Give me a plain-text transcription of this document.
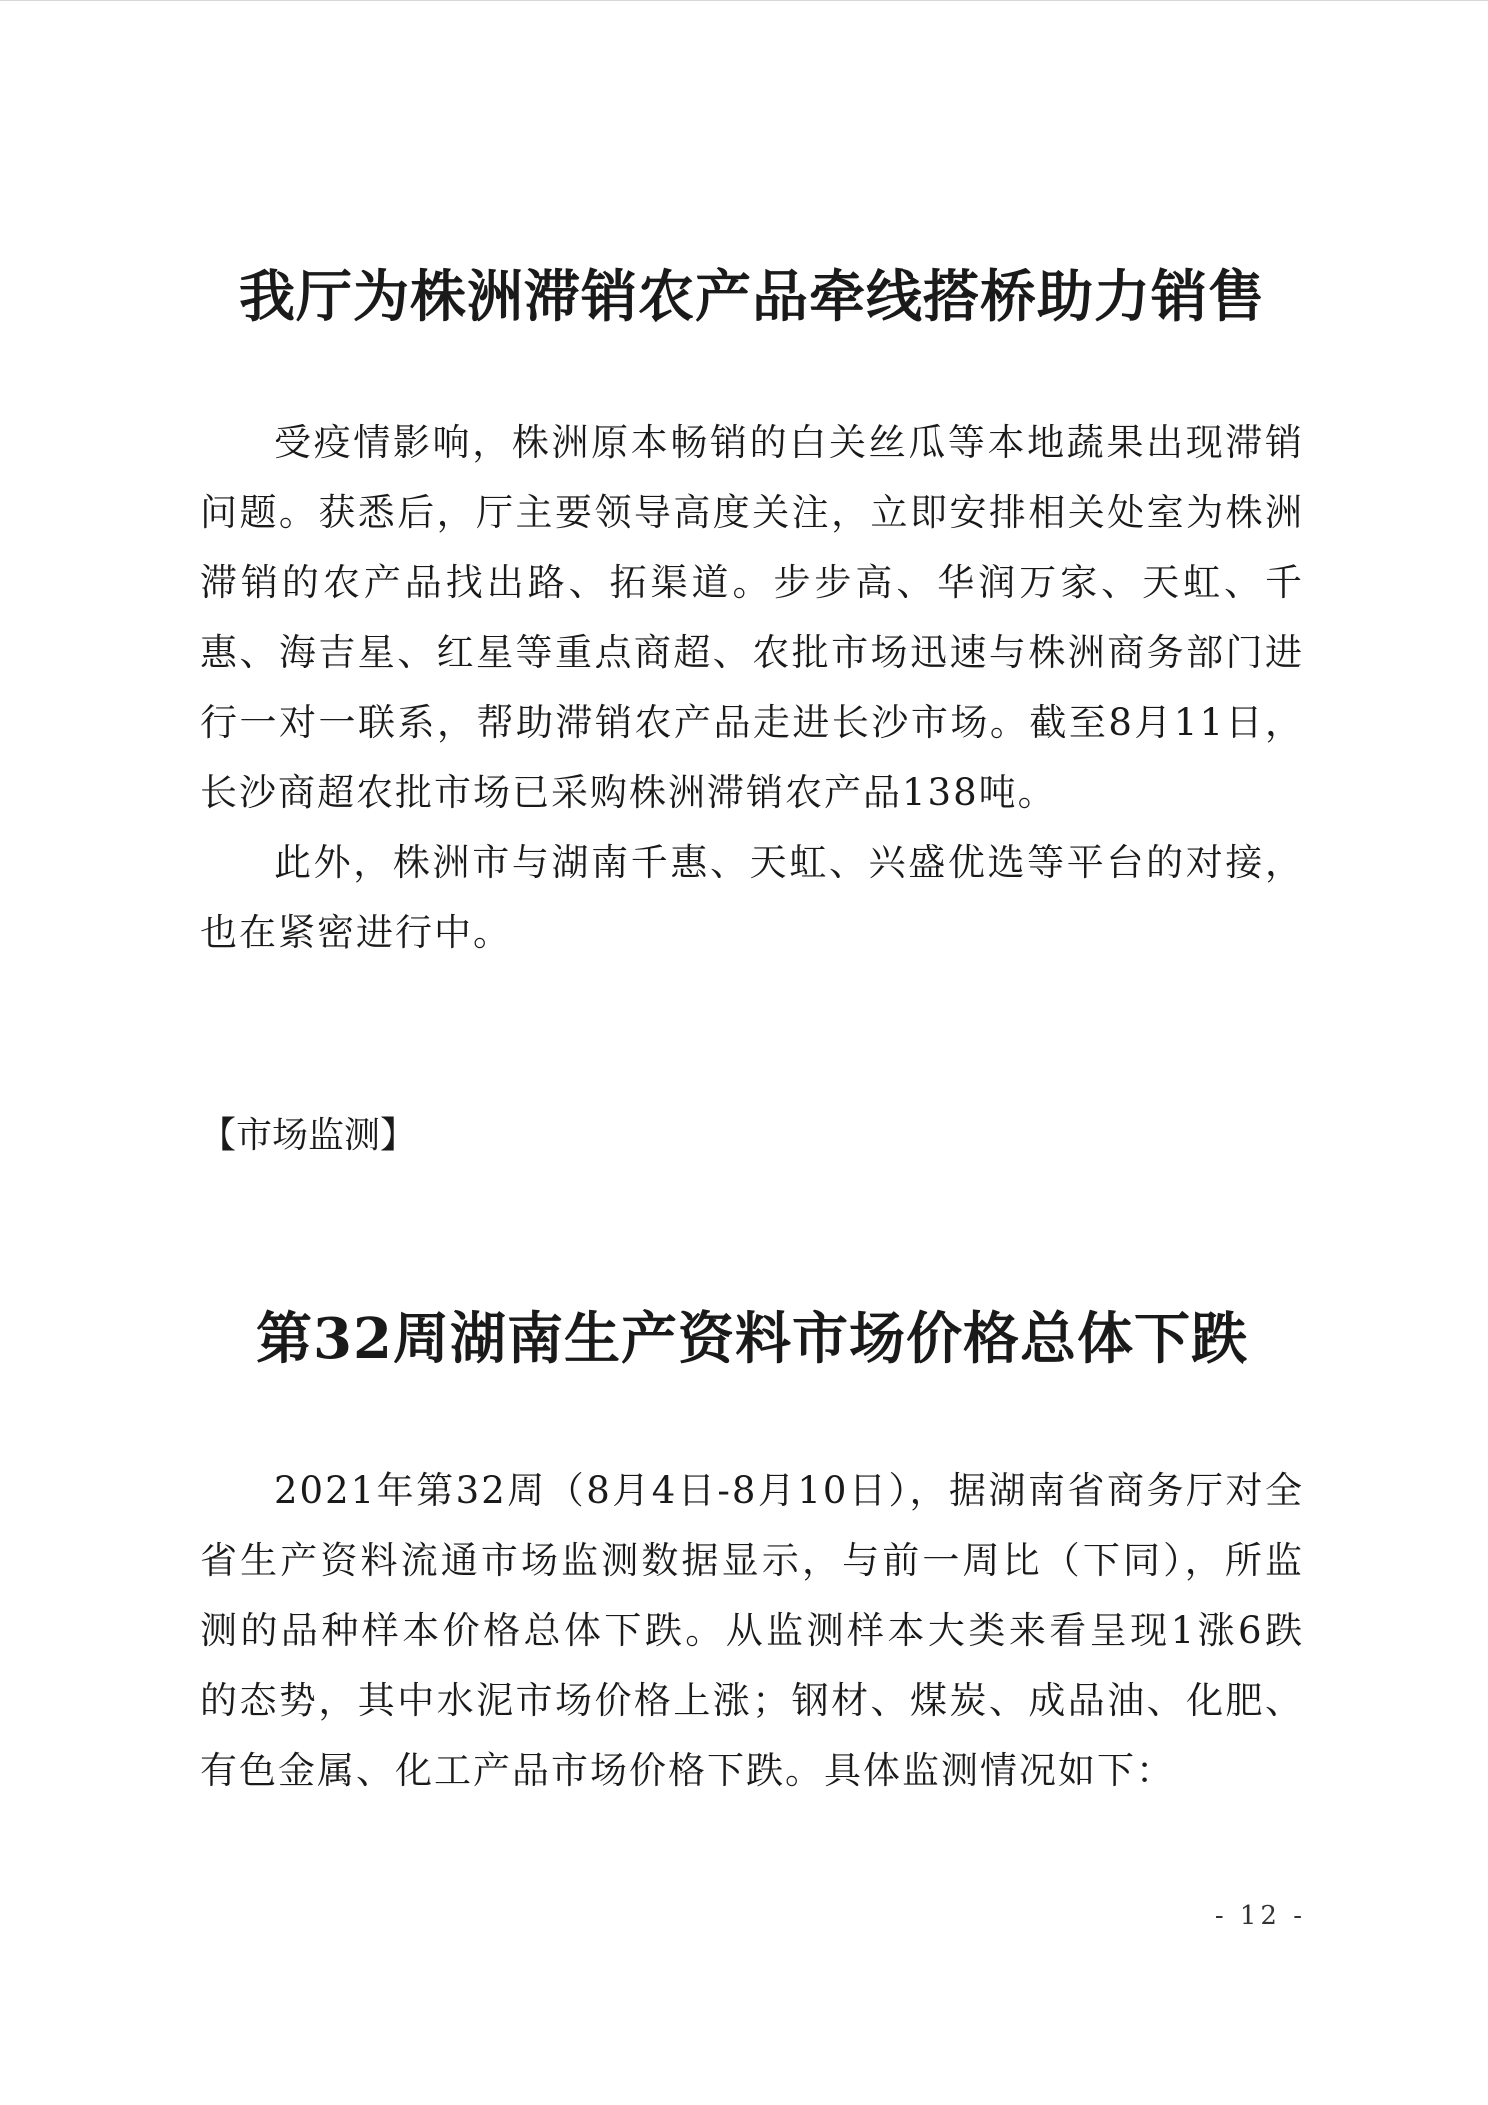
我厅为株洲滞销农产品牵线搭桥助力销售

受疫情影响，株洲原本畅销的白关丝瓜等本地蔬果出现滞销问题。获悉后，厅主要领导高度关注，立即安排相关处室为株洲滞销的农产品找出路、拓渠道。步步高、华润万家、天虹、千惠、海吉星、红星等重点商超、农批市场迅速与株洲商务部门进行一对一联系，帮助滞销农产品走进长沙市场。截至8月11日，长沙商超农批市场已采购株洲滞销农产品138吨。

此外，株洲市与湖南千惠、天虹、兴盛优选等平台的对接，也在紧密进行中。

【市场监测】
第32周湖南生产资料市场价格总体下跌

2021年第32周（8月4日-8月10日），据湖南省商务厅对全省生产资料流通市场监测数据显示，与前一周比（下同），所监测的品种样本价格总体下跌。从监测样本大类来看呈现1涨6跌的态势，其中水泥市场价格上涨；钢材、煤炭、成品油、化肥、有色金属、化工产品市场价格下跌。具体监测情况如下：

- 12 -
